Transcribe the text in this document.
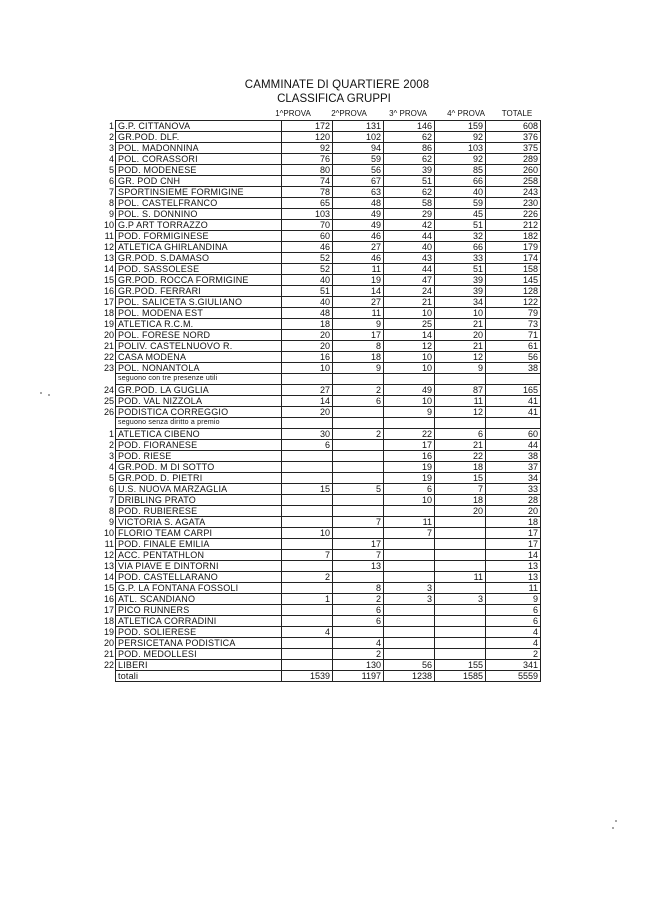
CAMMINATE DI QUARTIERE 2008
CLASSIFICA GRUPPI
1^PROVA	2^PROVA	3^ PROVA	4^ PROVA	TOTALE
1	G.P. CITTANOVA	172	131	146	159	608
2	GR.POD. DLF.	120	102	62	92	376
3	POL. MADONNINA	92	94	86	103	375
4	POL. CORASSORI	76	59	62	92	289
5	POD. MODENESE	80	56	39	85	260
6	GR. POD CNH	74	67	51	66	258
7	SPORTINSIEME FORMIGINE	78	63	62	40	243
8	POL. CASTELFRANCO	65	48	58	59	230
9	POL. S. DONNINO	103	49	29	45	226
10	G.P ART TORRAZZO	70	49	42	51	212
11	POD. FORMIGINESE	60	46	44	32	182
12	ATLETICA GHIRLANDINA	46	27	40	66	179
13	GR.POD. S.DAMASO	52	46	43	33	174
14	POD. SASSOLESE	52	11	44	51	158
15	GR.POD. ROCCA FORMIGINE	40	19	47	39	145
16	GR.POD. FERRARI	51	14	24	39	128
17	POL. SALICETA S.GIULIANO	40	27	21	34	122
18	POL. MODENA EST	48	11	10	10	79
19	ATLETICA R.C.M.	18	9	25	21	73
20	POL. FORESE NORD	20	17	14	20	71
21	POLIV. CASTELNUOVO R.	20	8	12	21	61
22	CASA MODENA	16	18	10	12	56
23	POL. NONANTOLA	10	9	10	9	38
	seguono con tre presenze utili					
24	GR.POD. LA GUGLIA	27	2	49	87	165
25	POD. VAL NIZZOLA	14	6	10	11	41
26	PODISTICA CORREGGIO	20		9	12	41
	seguono senza diritto a premio					
1	ATLETICA CIBENO	30	2	22	6	60
2	POD. FIORANESE	6		17	21	44
3	POD. RIESE			16	22	38
4	GR.POD. M DI SOTTO			19	18	37
5	GR.POD. D. PIETRI			19	15	34
6	U.S. NUOVA MARZAGLIA	15	5	6	7	33
7	DRIBLING PRATO			10	18	28
8	POD. RUBIERESE				20	20
9	VICTORIA S. AGATA		7	11		18
10	FLORIO TEAM CARPI	10		7		17
11	POD. FINALE EMILIA		17			17
12	ACC. PENTATHLON	7	7			14
13	VIA PIAVE E DINTORNI		13			13
14	POD. CASTELLARANO	2			11	13
15	G.P. LA FONTANA FOSSOLI		8	3		11
16	ATL. SCANDIANO	1	2	3	3	9
17	PICO RUNNERS		6			6
18	ATLETICA CORRADINI		6			6
19	POD. SOLIERESE	4				4
20	PERSICETANA PODISTICA		4			4
21	POD. MEDOLLESI		2			2
22	LIBERI		130	56	155	341
	totali	1539	1197	1238	1585	5559
